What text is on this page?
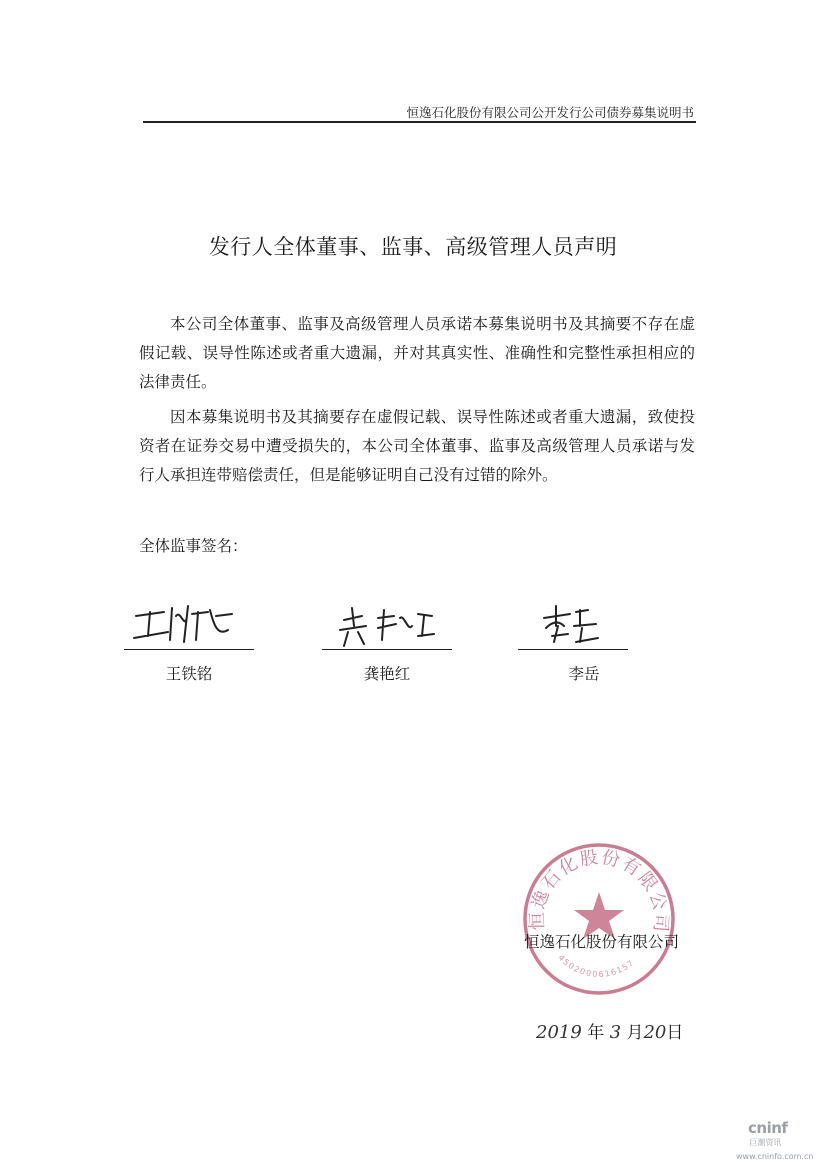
恒逸石化股份有限公司公开发行公司债券募集说明书
发行人全体董事、监事、高级管理人员声明

本公司全体董事、监事及高级管理人员承诺本募集说明书及其摘要不存在虚假记载、误导性陈述或者重大遗漏，并对其真实性、准确性和完整性承担相应的法律责任。

因本募集说明书及其摘要存在虚假记载、误导性陈述或者重大遗漏，致使投资者在证券交易中遭受损失的，本公司全体董事、监事及高级管理人员承诺与发行人承担连带赔偿责任，但是能够证明自己没有过错的除外。

全体监事签名：
王铁铭	龚艳红	李岳
恒逸石化股份有限公司
4502000616157
恒逸石化股份有限公司
2019 年 3 月20日
cninf
巨潮资讯
www.cninfo.com.cn
